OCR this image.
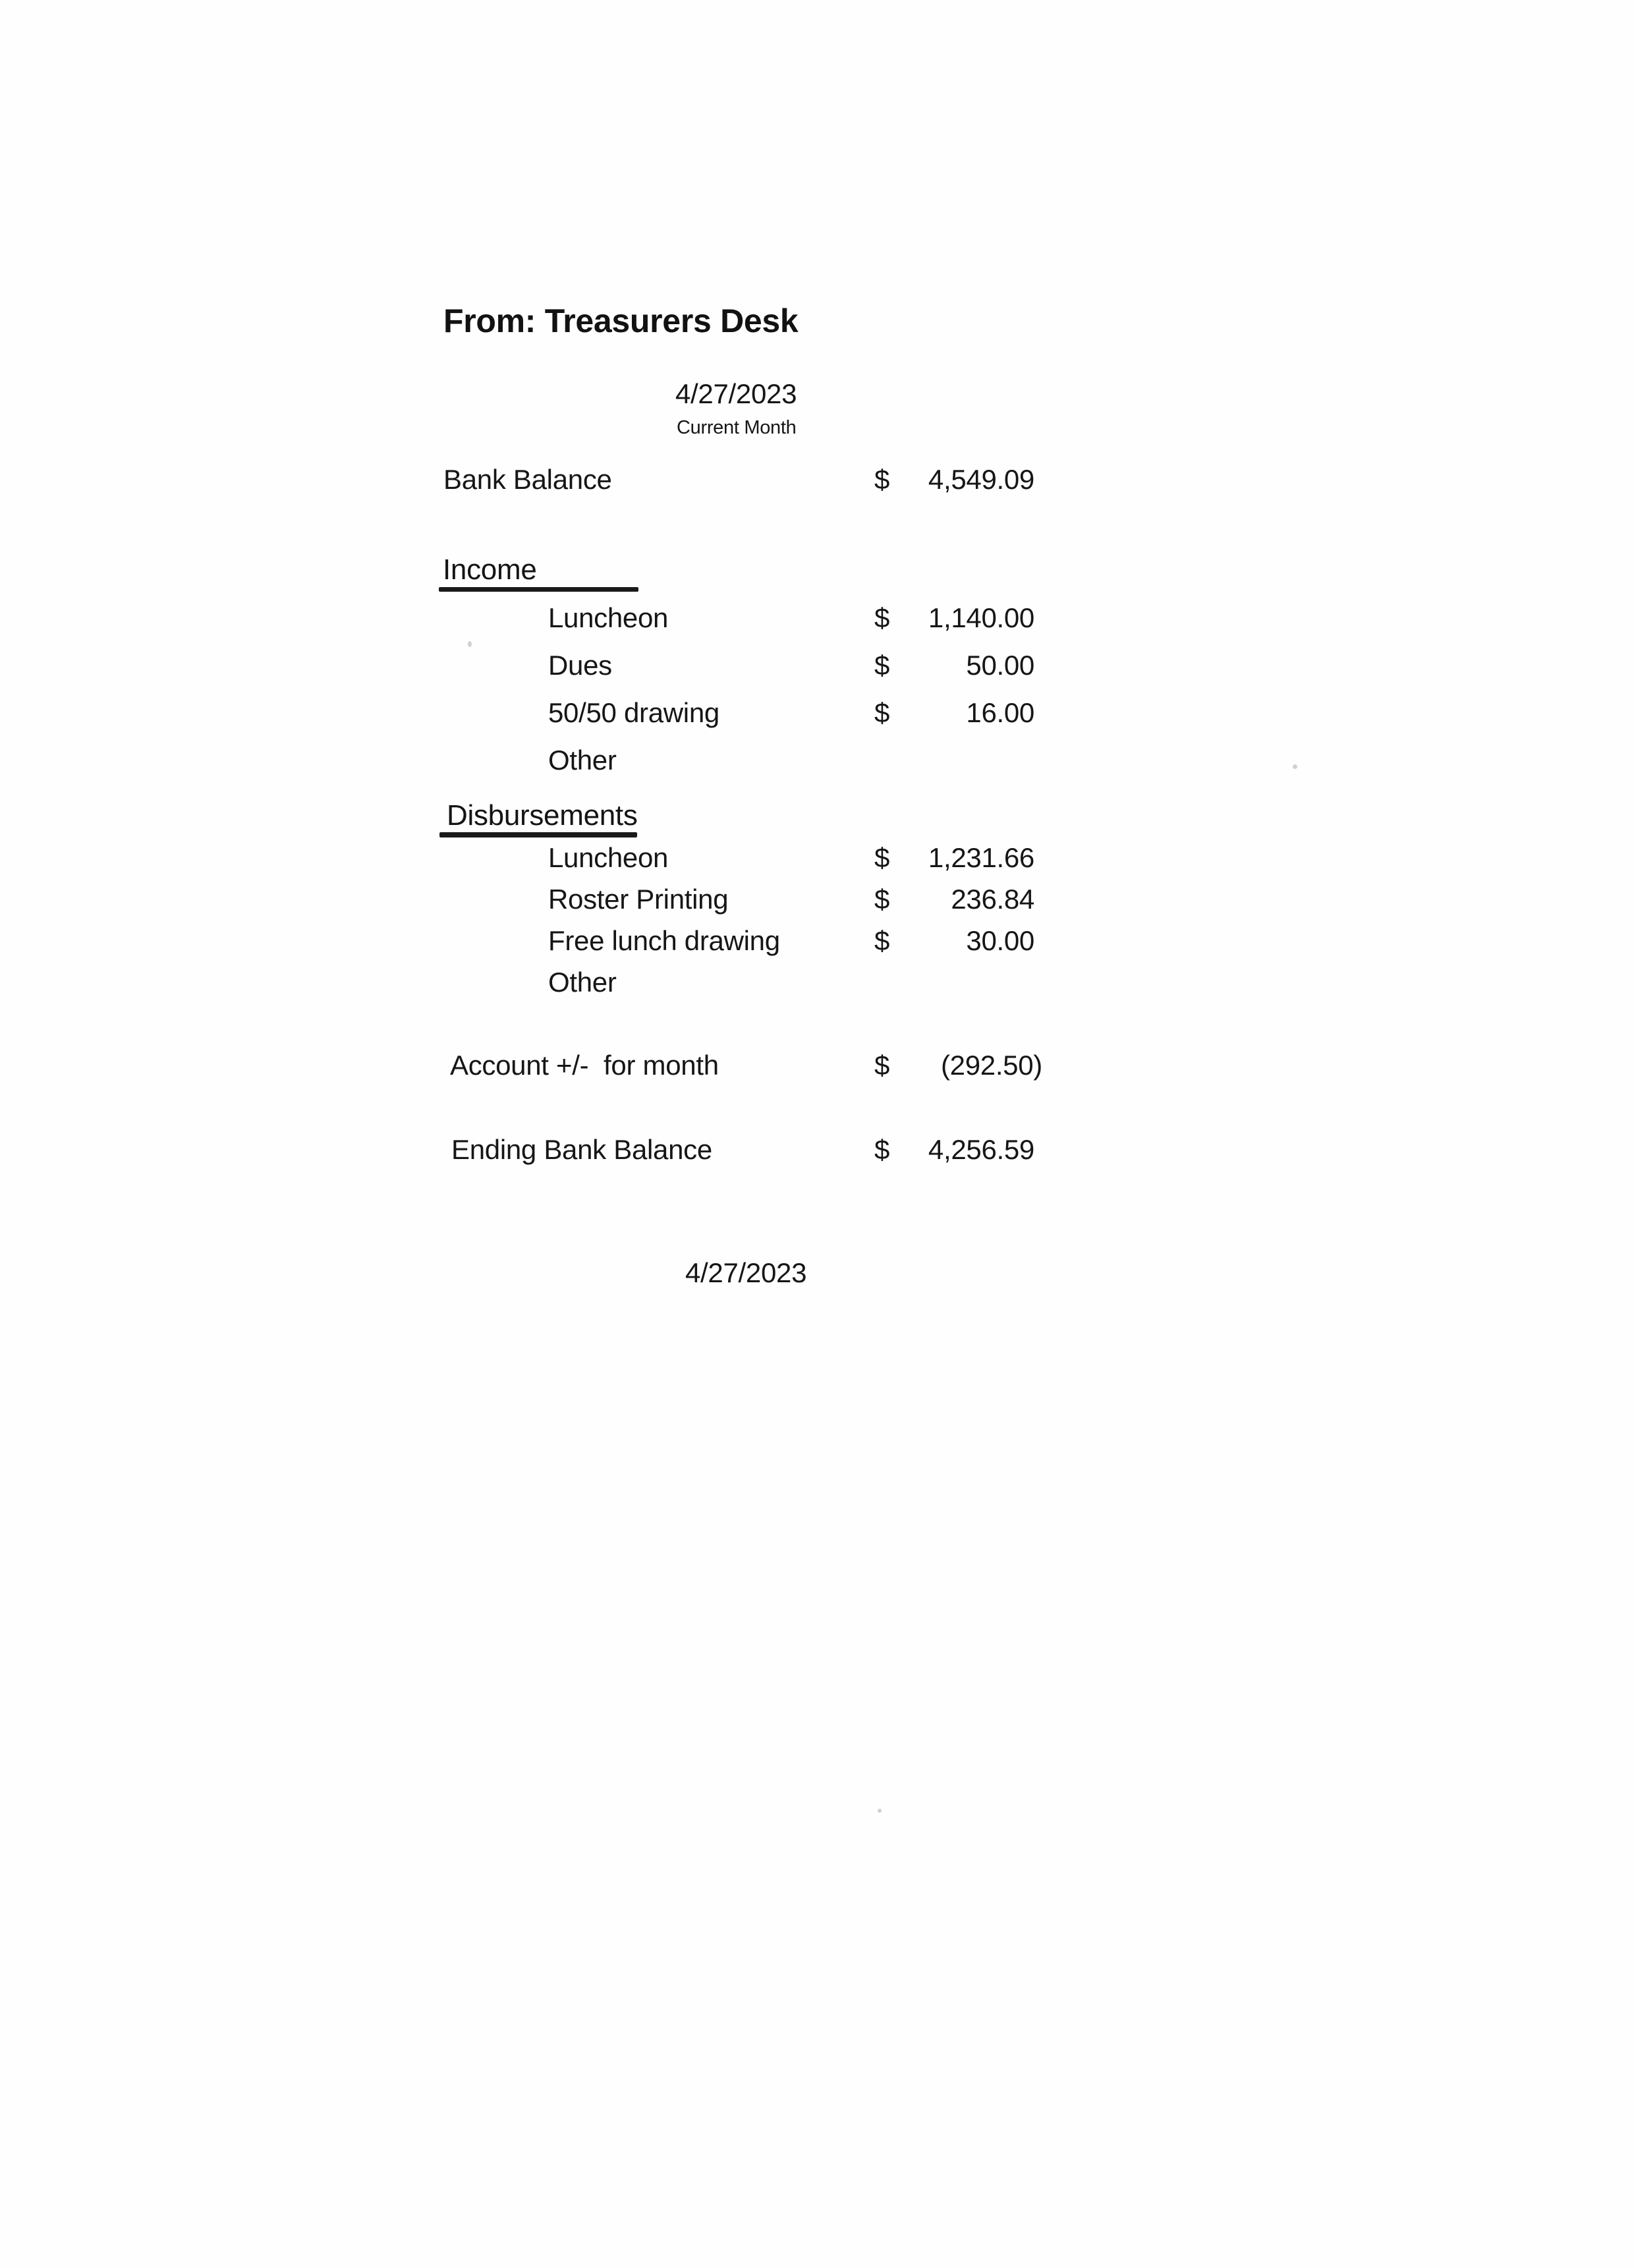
From: Treasurers Desk
4/27/2023
Current Month
Bank Balance	$	4,549.09
Income
Luncheon	$	1,140.00
Dues	$	50.00
50/50 drawing	$	16.00
Other
Disbursements
Luncheon	$	1,231.66
Roster Printing	$	236.84
Free lunch drawing	$	30.00
Other
Account +/-  for month	$	(292.50)
Ending Bank Balance	$	4,256.59
4/27/2023
